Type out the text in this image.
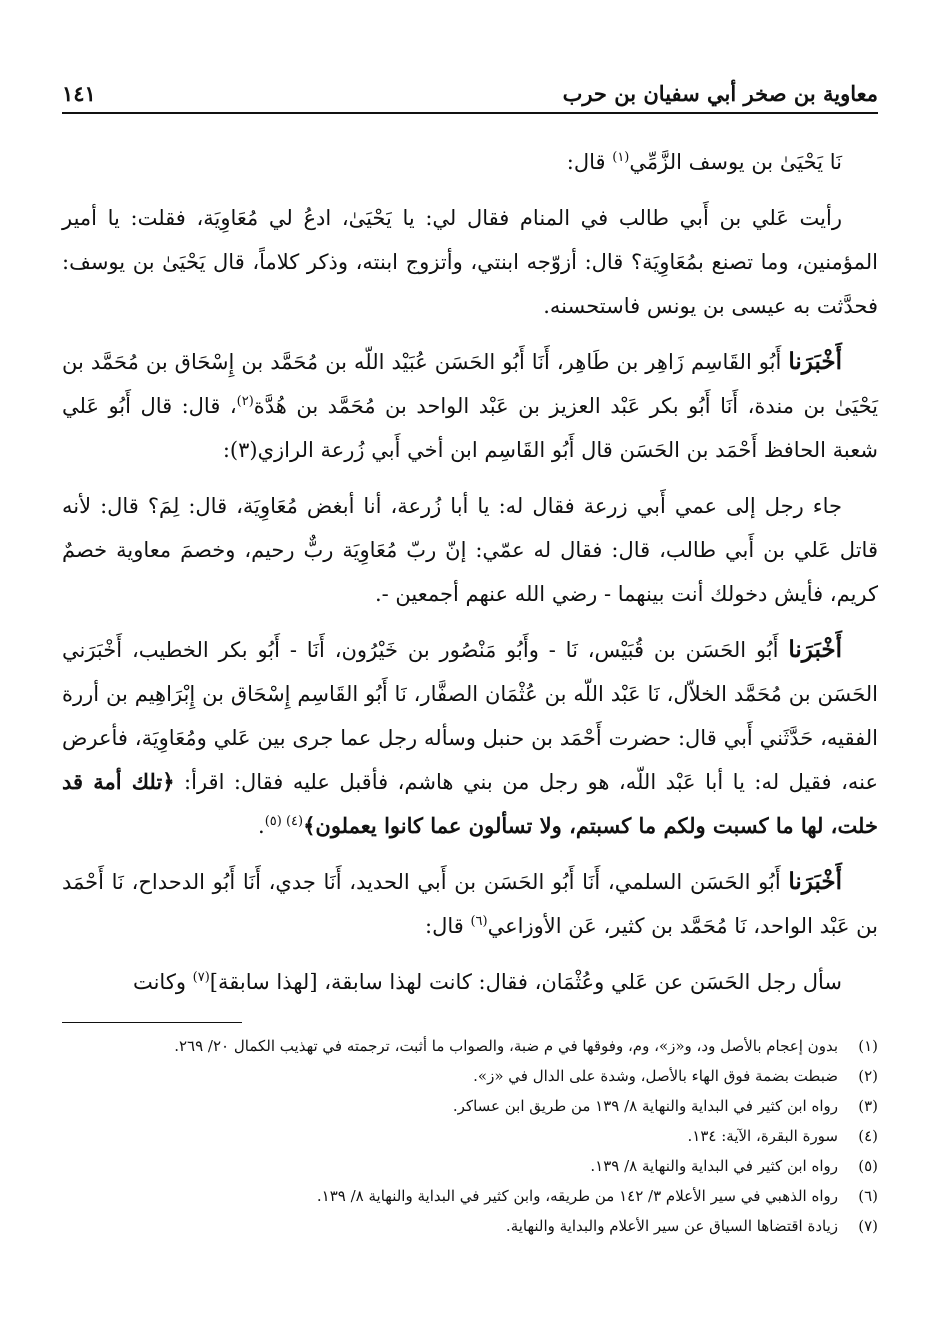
معاوية بن صخر أبي سفيان بن حرب
١٤١

نَا يَحْيَىٰ بن يوسف الزَّمِّي$^{(١)}$ قال:

رأيت عَلي بن أَبي طالب في المنام فقال لي: يا يَحْيَىٰ، ادعُ لي مُعَاوِيَة، فقلت: يا أمير المؤمنين، وما تصنع بمُعَاوِيَة؟ قال: أزوّجه ابنتي، وأتزوج ابنته، وذكر كلاماً، قال يَحْيَىٰ بن يوسف: فحدَّثت به عيسى بن يونس فاستحسنه.

أَخْبَرَنا أَبُو القَاسِم زَاهِر بن طَاهِر، أَنَا أَبُو الحَسَن عُبَيْد اللّه بن مُحَمَّد بن إِسْحَاق بن مُحَمَّد بن يَحْيَىٰ بن مندة، أَنَا أَبُو بكر عَبْد العزيز بن عَبْد الواحد بن مُحَمَّد بن هُدَّة$^{(٢)}$، قال: قال أَبُو عَلي شعبة الحافظ أَحْمَد بن الحَسَن قال أَبُو القَاسِم ابن أخي أَبي زُرعة الرازي(٣):

جاء رجل إلى عمي أَبي زرعة فقال له: يا أبا زُرعة، أنا أبغض مُعَاوِيَة، قال: لِمَ؟ قال: لأنه قاتل عَلي بن أَبي طالب، قال: فقال له عمّي: إنّ ربّ مُعَاوِيَة ربٌّ رحيم، وخصمَ معاوية خصمٌ كريم، فأيش دخولك أنت بينهما - رضي الله عنهم أجمعين -.

أَخْبَرَنا أَبُو الحَسَن بن قُبَيْس، نَا - وأَبُو مَنْصُور بن خَيْرُون، أَنَا - أَبُو بكر الخطيب، أَخْبَرَني الحَسَن بن مُحَمَّد الخلاّل، نَا عَبْد اللّه بن عُثْمَان الصفَّار، نَا أَبُو القَاسِم إِسْحَاق بن إِبْرَاهِيم بن أررة الفقيه، حَدَّثَني أَبي قال: حضرت أَحْمَد بن حنبل وسأله رجل عما جرى بين عَلي ومُعَاوِيَة، فأعرض عنه، فقيل له: يا أبا عَبْد اللّه، هو رجل من بني هاشم، فأقبل عليه فقال: اقرأ: ﴿تلك أمة قد خلت، لها ما كسبت ولكم ما كسبتم، ولا تسألون عما كانوا يعملون﴾$^{(٤) (٥)}$.

أَخْبَرَنا أَبُو الحَسَن السلمي، أَنَا أَبُو الحَسَن بن أَبي الحديد، أَنَا جدي، أَنَا أَبُو الدحداح، نَا أَحْمَد بن عَبْد الواحد، نَا مُحَمَّد بن كثير، عَن الأوزاعي$^{(٦)}$ قال:

سأل رجل الحَسَن عن عَلي وعُثْمَان، فقال: كانت لهذا سابقة، [لهذا سابقة]$^{(٧)}$ وكانت

(١)
بدون إعجام بالأصل ود، و«ز»، وم، وفوقها في م ضبة، والصواب ما أثبت، ترجمته في تهذيب الكمال ٢٠/ ٢٦٩.
(٢)
ضبطت بضمة فوق الهاء بالأصل، وشدة على الدال في «ز».
(٣)
رواه ابن كثير في البداية والنهاية ٨/ ١٣٩ من طريق ابن عساكر.
(٤)
سورة البقرة، الآية: ١٣٤.
(٥)
رواه ابن كثير في البداية والنهاية ٨/ ١٣٩.
(٦)
رواه الذهبي في سير الأعلام ٣/ ١٤٢ من طريقه، وابن كثير في البداية والنهاية ٨/ ١٣٩.
(٧)
زيادة اقتضاها السياق عن سير الأعلام والبداية والنهاية.
